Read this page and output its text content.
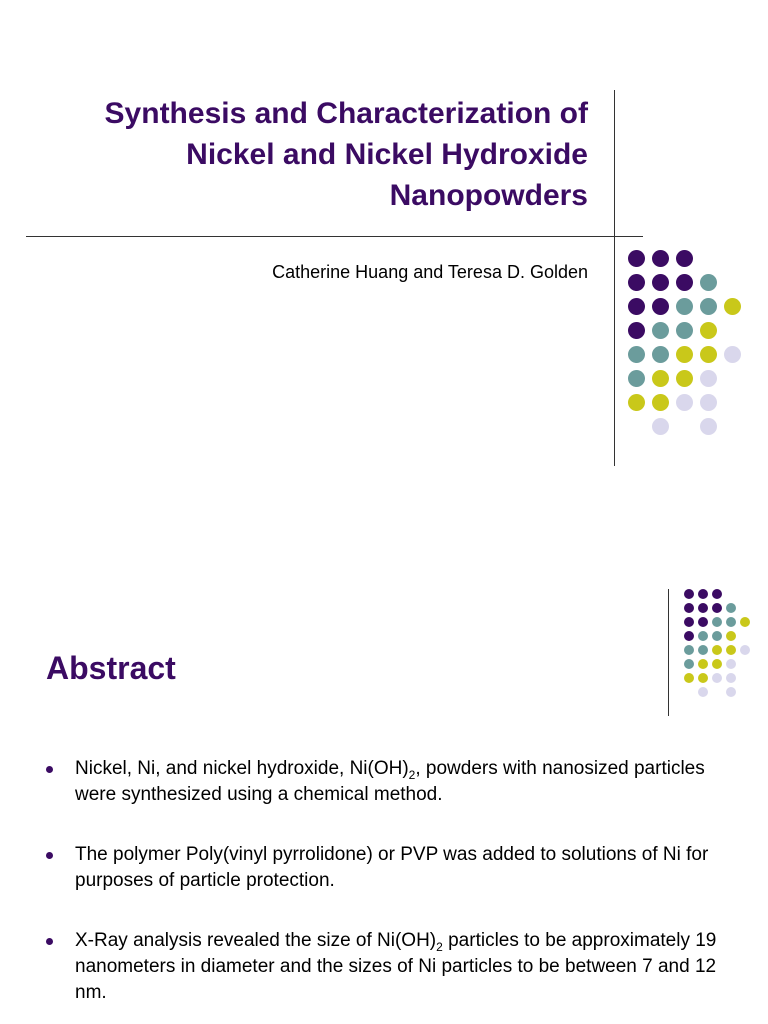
Synthesis and Characterization of
Nickel and Nickel Hydroxide
Nanopowders

Catherine Huang and Teresa D. Golden

Abstract
Nickel, Ni, and nickel hydroxide, $Ni(OH)_2$, powders with nanosized particles were synthesized using a chemical method.
The polymer Poly(vinyl pyrrolidone) or PVP was added to solutions of Ni for purposes of particle protection.
X-Ray analysis revealed the size of $Ni(OH)_2$ particles to be approximately 19 nanometers in diameter and the sizes of Ni particles to be between 7 and 12 nm.
